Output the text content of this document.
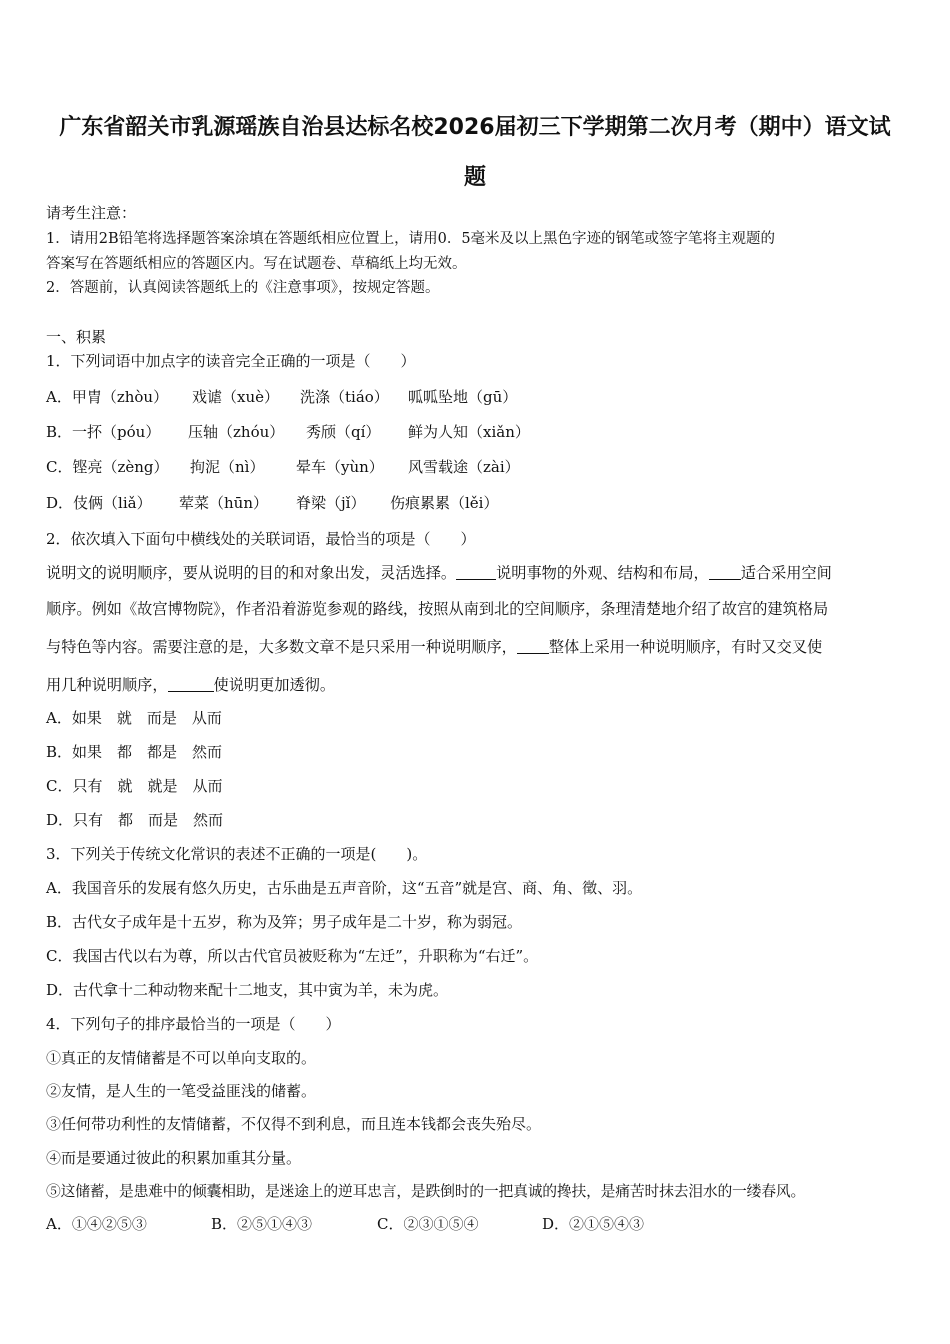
广东省韶关市乳源瑶族自治县达标名校2026届初三下学期第二次月考（期中）语文试
题
请考生注意：
1．请用2B铅笔将选择题答案涂填在答题纸相应位置上，请用0．5毫米及以上黑色字迹的钢笔或签字笔将主观题的
答案写在答题纸相应的答题区内。写在试题卷、草稿纸上均无效。
2．答题前，认真阅读答题纸上的《注意事项》，按规定答题。
一、积累
1．下列词语中加点字的读音完全正确的一项是（　　）
A．甲胄（zhòu） 戏谑（xuè） 洗涤（tiáo） 呱呱坠地（gū）
B．一抔（póu） 压轴（zhóu） 秀颀（qí） 鲜为人知（xiǎn）
C．铿亮（zèng） 拘泥（nì） 晕车（yùn） 风雪载途（zài）
D．伎俩（liǎ） 荤菜（hūn） 脊梁（jǐ） 伤痕累累（lěi）
2．依次填入下面句中横线处的关联词语，最恰当的项是（　　）
说明文的说明顺序，要从说明的目的和对象出发，灵活选择。	说明事物的外观、结构和布局， 适合采用空间
顺序。例如《故宫博物院》，作者沿着游览参观的路线，按照从南到北的空间顺序，条理清楚地介绍了故宫的建筑格局
与特色等内容。需要注意的是，大多数文章不是只采用一种说明顺序， 整体上采用一种说明顺序，有时又交叉使
用几种说明顺序，	使说明更加透彻。
A．如果　就　而是　从而
B．如果　都　都是　然而
C．只有　就　就是　从而
D．只有　都　而是　然而
3．下列关于传统文化常识的表述不正确的一项是(　　)。
A．我国音乐的发展有悠久历史，古乐曲是五声音阶，这“五音”就是宫、商、角、徵、羽。
B．古代女子成年是十五岁，称为及笄；男子成年是二十岁，称为弱冠。
C．我国古代以右为尊，所以古代官员被贬称为“左迁”，升职称为“右迁”。
D．古代拿十二种动物来配十二地支，其中寅为羊，未为虎。
4．下列句子的排序最恰当的一项是（　　）
①真正的友情储蓄是不可以单向支取的。
②友情，是人生的一笔受益匪浅的储蓄。
③任何带功利性的友情储蓄，不仅得不到利息，而且连本钱都会丧失殆尽。
④而是要通过彼此的积累加重其分量。
⑤这储蓄，是患难中的倾囊相助，是迷途上的逆耳忠言，是跌倒时的一把真诚的搀扶，是痛苦时抹去泪水的一缕春风。
A．①④②⑤③	B．②⑤①④③	C．②③①⑤④	D．②①⑤④③
